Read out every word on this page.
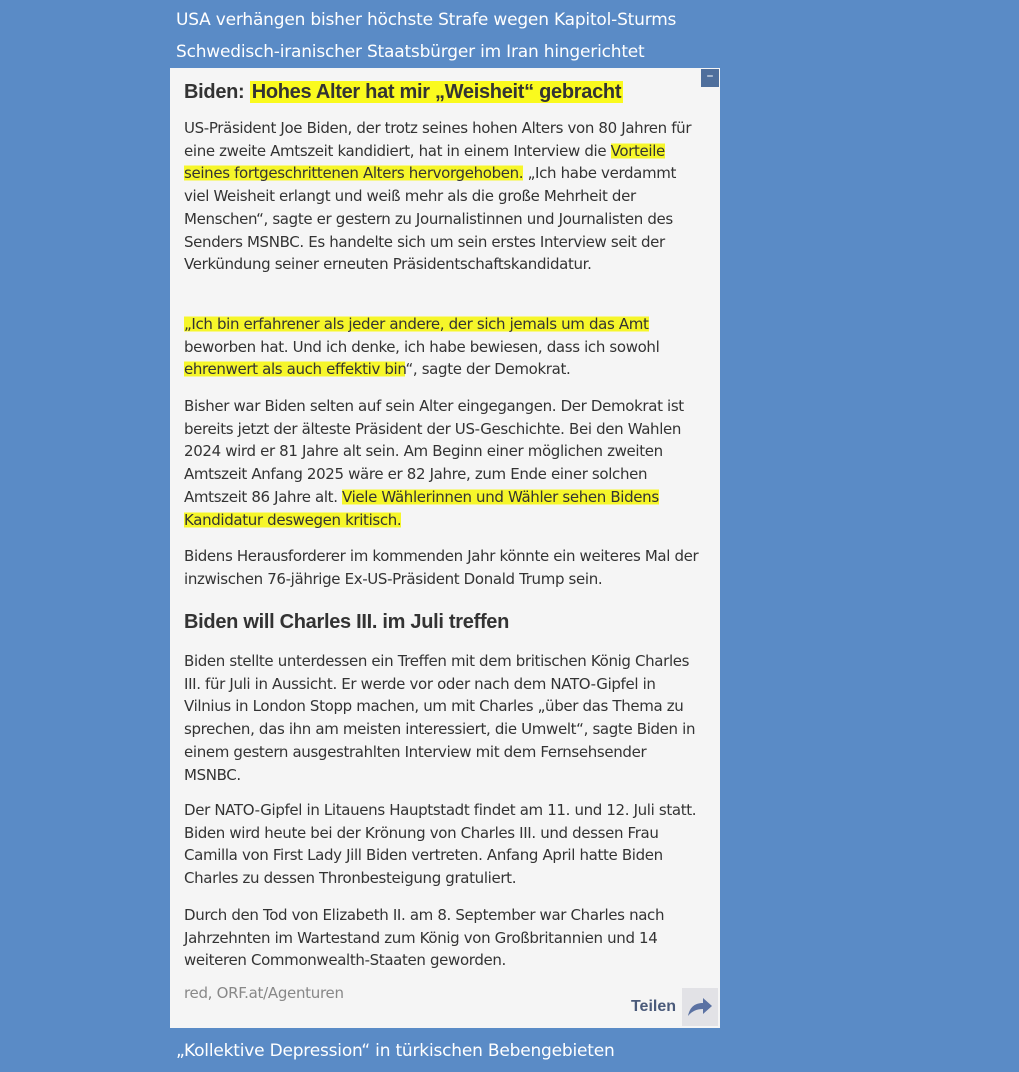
USA verhängen bisher höchste Strafe wegen Kapitol-Sturms
Schwedisch-iranischer Staatsbürger im Iran hingerichtet
–
Biden: Hohes Alter hat mir „Weisheit“ gebracht

US-Präsident Joe Biden, der trotz seines hohen Alters von 80 Jahren für eine zweite Amtszeit kandidiert, hat in einem Interview die Vorteile seines fortgeschrittenen Alters hervorgehoben. „Ich habe verdammt viel Weisheit erlangt und weiß mehr als die große Mehrheit der Menschen“, sagte er gestern zu Journalistinnen und Journalisten des Senders MSNBC. Es handelte sich um sein erstes Interview seit der Verkündung seiner erneuten Präsidentschaftskandidatur.

„Ich bin erfahrener als jeder andere, der sich jemals um das Amt beworben hat. Und ich denke, ich habe bewiesen, dass ich sowohl ehrenwert als auch effektiv bin“, sagte der Demokrat.

Bisher war Biden selten auf sein Alter eingegangen. Der Demokrat ist bereits jetzt der älteste Präsident der US-Geschichte. Bei den Wahlen 2024 wird er 81 Jahre alt sein. Am Beginn einer möglichen zweiten Amtszeit Anfang 2025 wäre er 82 Jahre, zum Ende einer solchen Amtszeit 86 Jahre alt. Viele Wählerinnen und Wähler sehen Bidens Kandidatur deswegen kritisch.

Bidens Herausforderer im kommenden Jahr könnte ein weiteres Mal der inzwischen 76-jährige Ex-US-Präsident Donald Trump sein.

Biden will Charles III. im Juli treffen

Biden stellte unterdessen ein Treffen mit dem britischen König Charles III. für Juli in Aussicht. Er werde vor oder nach dem NATO-Gipfel in Vilnius in London Stopp machen, um mit Charles „über das Thema zu sprechen, das ihn am meisten interessiert, die Umwelt“, sagte Biden in einem gestern ausgestrahlten Interview mit dem Fernsehsender MSNBC.

Der NATO-Gipfel in Litauens Hauptstadt findet am 11. und 12. Juli statt. Biden wird heute bei der Krönung von Charles III. und dessen Frau Camilla von First Lady Jill Biden vertreten. Anfang April hatte Biden Charles zu dessen Thronbesteigung gratuliert.

Durch den Tod von Elizabeth II. am 8. September war Charles nach Jahrzehnten im Wartestand zum König von Großbritannien und 14 weiteren Commonwealth-Staaten geworden.

red, ORF.at/Agenturen
Teilen
„Kollektive Depression“ in türkischen Bebengebieten
